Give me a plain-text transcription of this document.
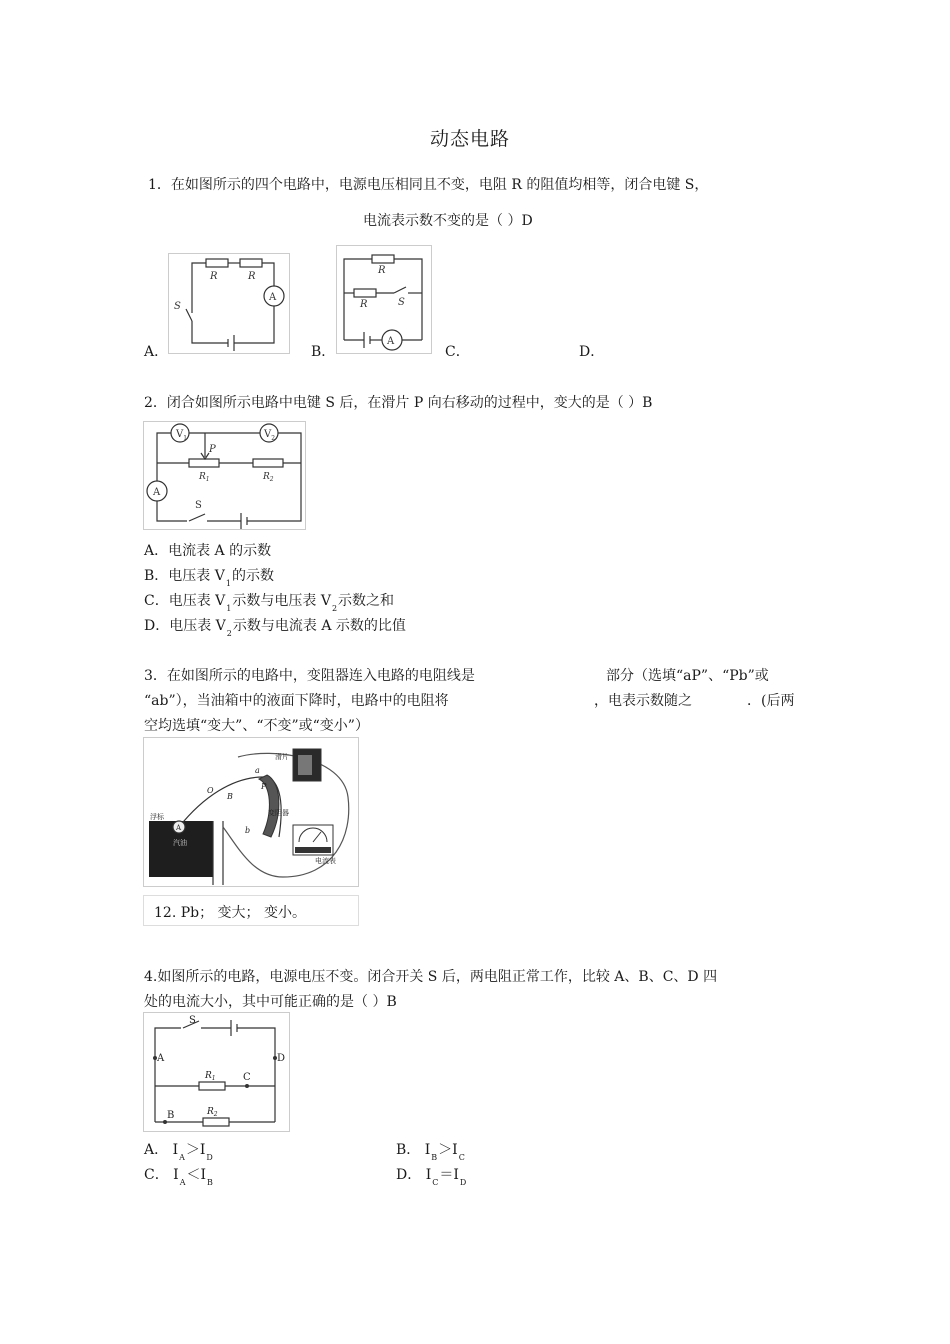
动态电路
1．在如图所示的四个电路中，电源电压相同且不变，电阻 R 的阻值均相等，闭合电键 S，
电流表示数不变的是（ ）D
A．
R	R
S
A
B．
R
R	S
A
C．	D．
2．闭合如图所示电路中电键 S 后，在滑片 P 向右移动的过程中，变大的是（ ）B
$V_1$	$V_2$
P
$R_1$	$R_2$
A
S
A．电流表 A 的示数
B．电压表 $V_1$的示数
C．电压表 $V_1$示数与电压表 $V_2$示数之和
D．电压表 $V_2$示数与电流表 A 示数的比值
3．在如图所示的电路中，变阻器连入电路的电阻线是	部分（选填“aP”、“Pb”或
“ab”），当油箱中的液面下降时，电路中的电阻将	，电表示数随之	．(后两
空均选填“变大”、“不变”或“变小”）
浮标
汽油
滑片
变阻器
电流表
O
B
a
P
b
A
12. Pb； 变大； 变小。
4.如图所示的电路，电源电压不变。闭合开关 S 后，两电阻正常工作，比较 A、B、C、D 四
处的电流大小，其中可能正确的是（ ）B
S
A	D
$R_1$	C
B	$R_2$
A． $I_A>I_D$	B． $I_B>I_C$
C． $I_A<I_B$	D． $I_C=I_D$
